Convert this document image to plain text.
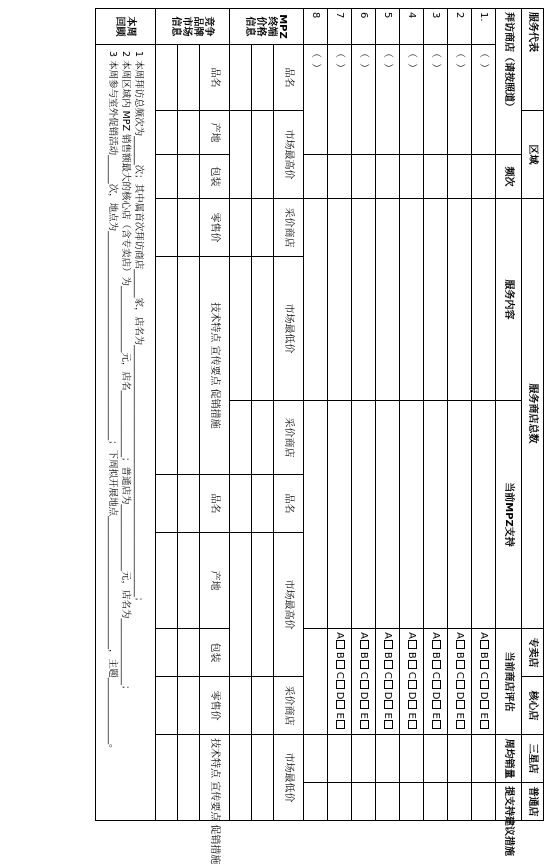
服务代表		区域		服务商店总数					专卖店	核心店	三星店	普通店
拜访商店（请按照道）			频次	服务内容		当前MPZ支持			当前商店评估		周均销量	提支持建议措施
1.	（ ）								ABCDE			
2	（ ）								ABCDE			
3	（ ）								ABCDE			
4	（ ）								ABCDE			
5	（ ）								ABCDE			
6	（ ）								ABCDE			
7	（ ）								ABCDE			
8	（ ）											
MPZ终端价格信息	品名	市场最高价		采价商店	市场最低价	采价商店	品名	市场最高价		采价商店	市场最低价	

竞争品牌市场信息	品名	产地	包装	零售价	技术特点 宣传要点 促销措施		品名	产地	包装	零售价	技术特点 宣传要点 促销措施	

本周回顾	1 本周拜访总频次为______次；其中属首次拜访商店______家，店名为_____________________________________________________；
2 本周区域内 MPZ 销售额最大的核心店（含专卖店）为______________元，店名______________；普通店为______________元，店名为______________；
3 本周参与室外促销活动______次，地点为____________________________________________；下周拟开展地点____________________________，主题______________。											
